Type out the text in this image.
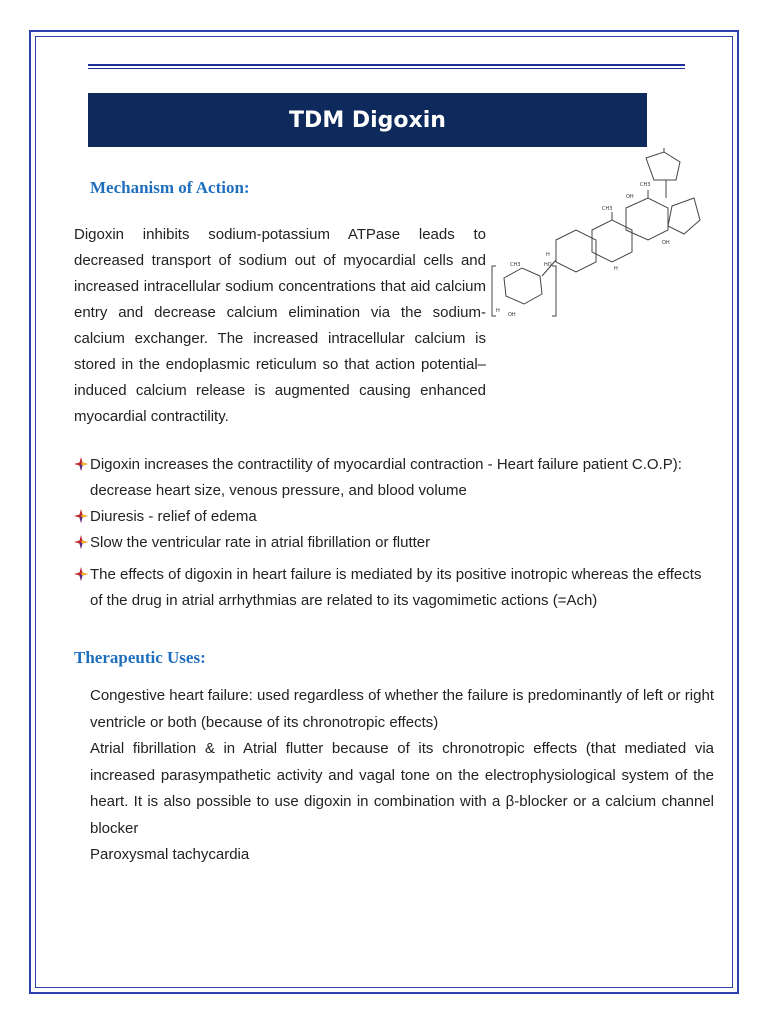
TDM Digoxin
Mechanism of Action:

Digoxin inhibits sodium-potassium ATPase leads to decreased transport of sodium out of myocardial cells and increased intracellular sodium concentrations that aid calcium entry and decrease calcium elimination via the sodium-calcium exchanger. The increased intracellular calcium is stored in the endoplasmic reticulum so that action potential–induced calcium release is augmented causing enhanced myocardial contractility.

CH3
OH
CH3
OH
H
H
HO
CH3
OH
H
Digoxin increases the contractility of myocardial contraction - Heart failure patient C.O.P): decrease heart size, venous pressure, and blood volume
Diuresis - relief of edema
Slow the ventricular rate in atrial fibrillation or flutter
The effects of digoxin in heart failure is mediated by its positive inotropic whereas the effects of the drug in atrial arrhythmias are related to its vagomimetic actions (=Ach)
Therapeutic Uses:

Congestive heart failure: used regardless of whether the failure is predominantly of left or right ventricle or both (because of its chronotropic effects)

Atrial fibrillation & in Atrial flutter because of its chronotropic effects (that mediated via increased parasympathetic activity and vagal tone on the electrophysiological system of the heart. It is also possible to use digoxin in combination with a β-blocker or a calcium channel blocker

Paroxysmal tachycardia
